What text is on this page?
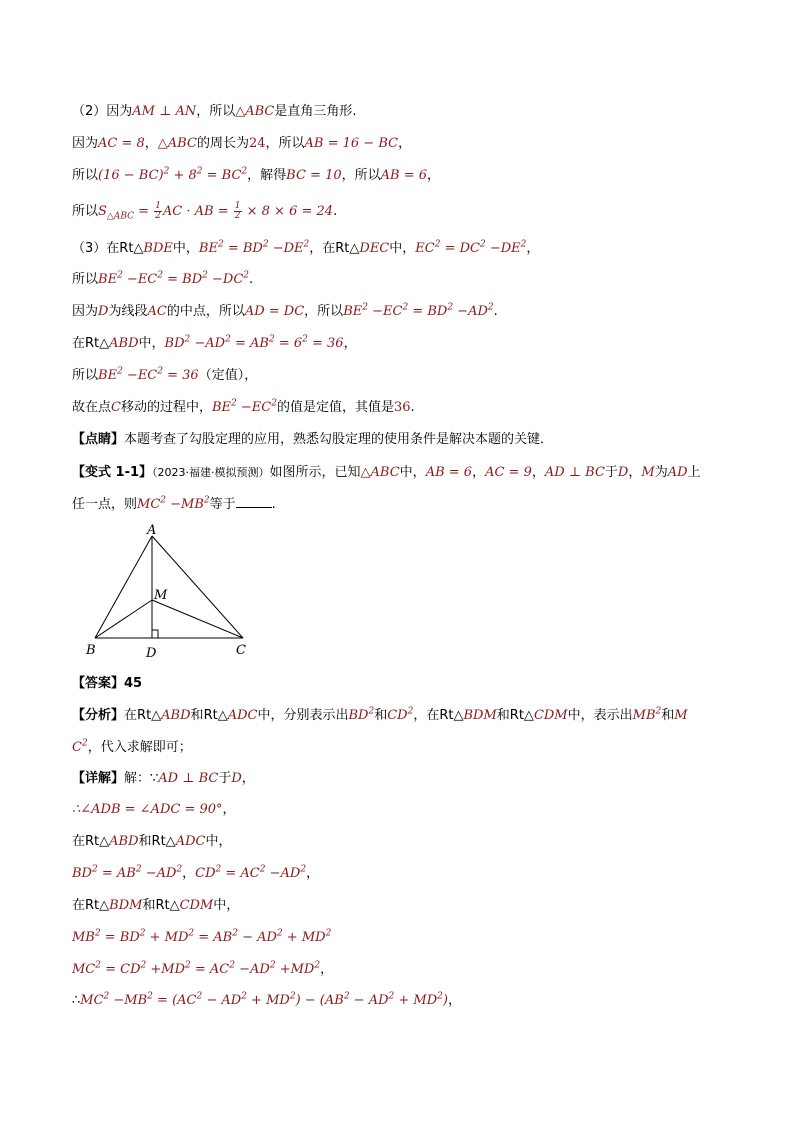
（2）因为AM ⊥ AN，所以△ABC是直角三角形.
因为AC = 8，△ABC的周长为24，所以AB = 16 − BC，
所以$(16 - BC)^2 + 8^2 = BC^2$，解得BC = 10，所以AB = 6，
所以$S_{\triangle ABC} = \frac{1}{2}$ AC · AB = $\frac{1}{2} \times 8 \times 6 = 24$.
（3）在Rt△BDE中，$BE^2 = BD^2 -DE^2$，在Rt△DEC中，$EC^2 = DC^2 -DE^2$，
所以$BE^2 -EC^2 = BD^2 -DC^2$.
因为D为线段AC的中点，所以AD = DC，所以$BE^2 -EC^2 = BD^2 -AD^2$.
在Rt△ABD中，$BD^2 -AD^2 = AB^2 = 6^2 = 36$，
所以$BE^2 -EC^2 = 36$（定值），
故在点C移动的过程中，$BE^2 -EC^2$的值是定值，其值是36.
【点睛】本题考查了勾股定理的应用，熟悉勾股定理的使用条件是解决本题的关键．
【变式 1-1】（2023·福建·模拟预测）如图所示，已知△ABC中，AB = 6，AC = 9，AD ⊥ BC于D，M为AD上
任一点，则$MC^2 -MB^2$等于	.
A
M
B	D	C
【答案】45
【分析】在Rt△ABD和Rt△ADC中，分别表示出$BD^2$和$CD^2$，在Rt△BDM和Rt△CDM中，表示出$MB^2$和M
$C^2$，代入求解即可；
【详解】解：∵AD ⊥ BC于D，
∴∠ADB = ∠ADC = 90°，
在Rt△ABD和Rt△ADC中，
$BD^2 = AB^2 -AD^2$，$CD^2 = AC^2 -AD^2$，
在Rt△BDM和Rt△CDM中，
$MB^2 = BD^2 + MD^2 = AB^2 - AD^2 + MD^2$
$MC^2 = CD^2 +MD^2 = AC^2 -AD^2 +MD^2$，
$\therefore MC^2 -MB^2 = (AC^2 - AD^2 + MD^2) - (AB^2 - AD^2 + MD^2)$，
